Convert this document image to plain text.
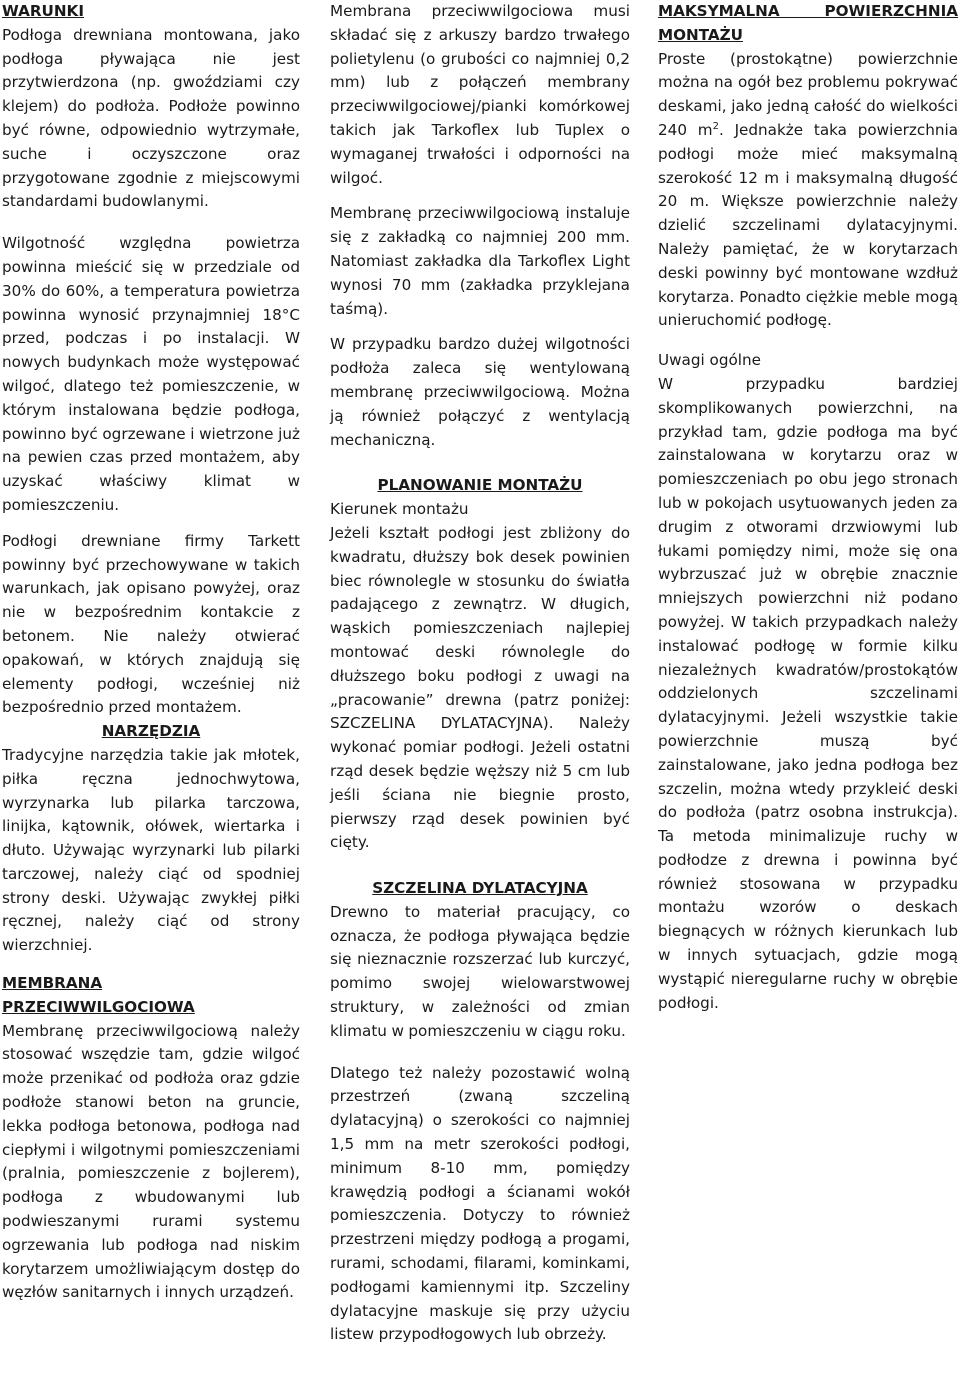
WARUNKI

Podłoga drewniana montowana, jako podłoga pływająca nie jest przytwierdzona (np. gwoździami czy klejem) do podłoża. Podłoże powinno być równe, odpowiednio wytrzymałe, suche i oczyszczone oraz przygotowane zgodnie z miejscowymi standardami budowlanymi.

Wilgotność względna powietrza powinna mieścić się w przedziale od 30% do 60%, a temperatura powietrza powinna wynosić przynajmniej 18°C przed, podczas i po instalacji. W nowych budynkach może występować wilgoć, dlatego też pomieszczenie, w którym instalowana będzie podłoga, powinno być ogrzewane i wietrzone już na pewien czas przed montażem, aby uzyskać właściwy klimat w pomieszczeniu.

Podłogi drewniane firmy Tarkett powinny być przechowywane w takich warunkach, jak opisano powyżej, oraz nie w bezpośrednim kontakcie z betonem. Nie należy otwierać opakowań, w których znajdują się elementy podłogi, wcześniej niż bezpośrednio przed montażem.

NARZĘDZIA

Tradycyjne narzędzia takie jak młotek, piłka ręczna jednochwytowa, wyrzynarka lub pilarka tarczowa, linijka, kątownik, ołówek, wiertarka i dłuto. Używając wyrzynarki lub pilarki tarczowej, należy ciąć od spodniej strony deski. Używając zwykłej piłki ręcznej, należy ciąć od strony wierzchniej.

MEMBRANA PRZECIWWILGOCIOWA

Membranę przeciwwilgociową należy stosować wszędzie tam, gdzie wilgoć może przenikać od podłoża oraz gdzie podłoże stanowi beton na gruncie, lekka podłoga betonowa, podłoga nad ciepłymi i wilgotnymi pomieszczeniami (pralnia, pomieszczenie z bojlerem), podłoga z wbudowanymi lub podwieszanymi rurami systemu ogrzewania lub podłoga nad niskim korytarzem umożliwiającym dostęp do węzłów sanitarnych i innych urządzeń.

Membrana przeciwwilgociowa musi składać się z arkuszy bardzo trwałego polietylenu (o grubości co najmniej 0,2 mm) lub z połączeń membrany przeciwwilgociowej/pianki komórkowej takich jak Tarkoflex lub Tuplex o wymaganej trwałości i odporności na wilgoć.

Membranę przeciwwilgociową instaluje się z zakładką co najmniej 200 mm. Natomiast zakładka dla Tarkoflex Light wynosi 70 mm (zakładka przyklejana taśmą).

W przypadku bardzo dużej wilgotności podłoża zaleca się wentylowaną membranę przeciwwilgociową. Można ją również połączyć z wentylacją mechaniczną.

PLANOWANIE MONTAŻU
Kierunek montażu

Jeżeli kształt podłogi jest zbliżony do kwadratu, dłuższy bok desek powinien biec równolegle w stosunku do światła padającego z zewnątrz. W długich, wąskich pomieszczeniach najlepiej montować deski równolegle do dłuższego boku podłogi z uwagi na „pracowanie” drewna (patrz poniżej: SZCZELINA DYLATACYJNA). Należy wykonać pomiar podłogi. Jeżeli ostatni rząd desek będzie węższy niż 5 cm lub jeśli ściana nie biegnie prosto, pierwszy rząd desek powinien być cięty.

SZCZELINA DYLATACYJNA

Drewno to materiał pracujący, co oznacza, że podłoga pływająca będzie się nieznacznie rozszerzać lub kurczyć, pomimo swojej wielowarstwowej struktury, w zależności od zmian klimatu w pomieszczeniu w ciągu roku.

Dlatego też należy pozostawić wolną przestrzeń (zwaną szczeliną dylatacyjną) o szerokości co najmniej 1,5 mm na metr szerokości podłogi, minimum 8-10 mm, pomiędzy krawędzią podłogi a ścianami wokół pomieszczenia. Dotyczy to również przestrzeni między podłogą a progami, rurami, schodami, filarami, kominkami, podłogami kamiennymi itp. Szczeliny dylatacyjne maskuje się przy użyciu listew przypodłogowych lub obrzeży.

MAKSYMALNA POWIERZCHNIA MONTAŻU

Proste (prostokątne) powierzchnie można na ogół bez problemu pokrywać deskami, jako jedną całość do wielkości 240 $m^2$. Jednakże taka powierzchnia podłogi może mieć maksymalną szerokość 12 m i maksymalną długość 20 m. Większe powierzchnie należy dzielić szczelinami dylatacyjnymi. Należy pamiętać, że w korytarzach deski powinny być montowane wzdłuż korytarza. Ponadto ciężkie meble mogą unieruchomić podłogę.

Uwagi ogólne

W przypadku bardziej skomplikowanych powierzchni, na przykład tam, gdzie podłoga ma być zainstalowana w korytarzu oraz w pomieszczeniach po obu jego stronach lub w pokojach usytuowanych jeden za drugim z otworami drzwiowymi lub łukami pomiędzy nimi, może się ona wybrzuszać już w obrębie znacznie mniejszych powierzchni niż podano powyżej. W takich przypadkach należy instalować podłogę w formie kilku niezależnych kwadratów/prostokątów oddzielonych szczelinami dylatacyjnymi. Jeżeli wszystkie takie powierzchnie muszą być zainstalowane, jako jedna podłoga bez szczelin, można wtedy przykleić deski do podłoża (patrz osobna instrukcja). Ta metoda minimalizuje ruchy w podłodze z drewna i powinna być również stosowana w przypadku montażu wzorów o deskach biegnących w różnych kierunkach lub w innych sytuacjach, gdzie mogą wystąpić nieregularne ruchy w obrębie podłogi.
